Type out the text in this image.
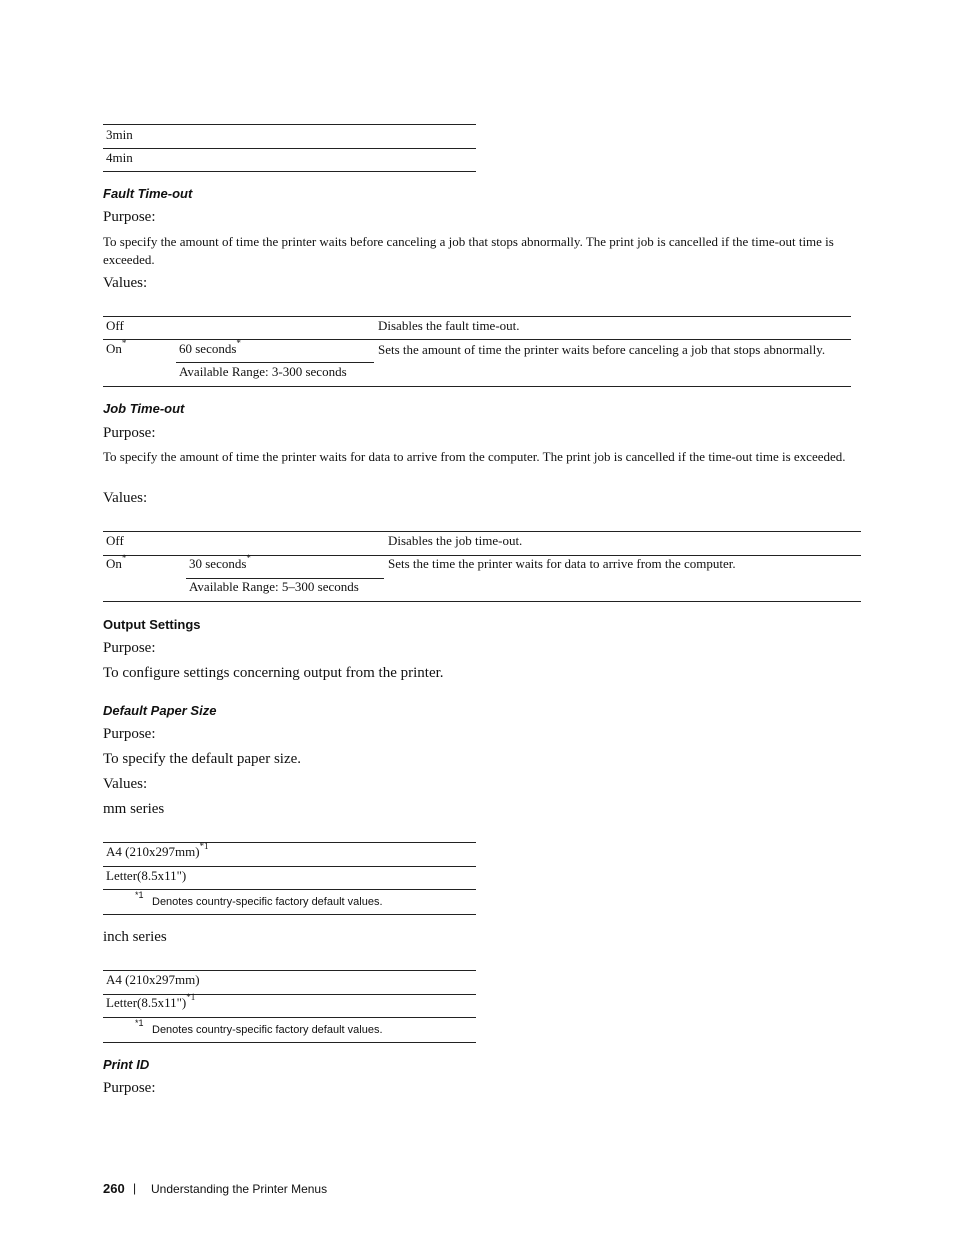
3min
4min
Fault Time-out
Purpose:
To specify the amount of time the printer waits before canceling a job that stops abnormally. The print job is cancelled if the time-out time is exceeded.
Values:
Off	Disables the fault time-out.
On*	60 seconds*	Sets the amount of time the printer waits before canceling a job that stops abnormally.
Available Range: 3-300 seconds
Job Time-out
Purpose:
To specify the amount of time the printer waits for data to arrive from the computer. The print job is cancelled if the time-out time is exceeded.
Values:
Off	Disables the job time-out.
On*	30 seconds*	Sets the time the printer waits for data to arrive from the computer.
Available Range: 5–300 seconds
Output Settings
Purpose:
To configure settings concerning output from the printer.
Default Paper Size
Purpose:
To specify the default paper size.
Values:
mm series
A4 $(210x297mm)^{*1}$
Letter(8.5x11")
$^{*1}$
Denotes country-specific factory default values.
inch series
A4 (210x297mm)
Letter(8.5x11")$^{*1}$
$^{*1}$
Denotes country-specific factory default values.
Print ID
Purpose:
260 | Understanding the Printer Menus
